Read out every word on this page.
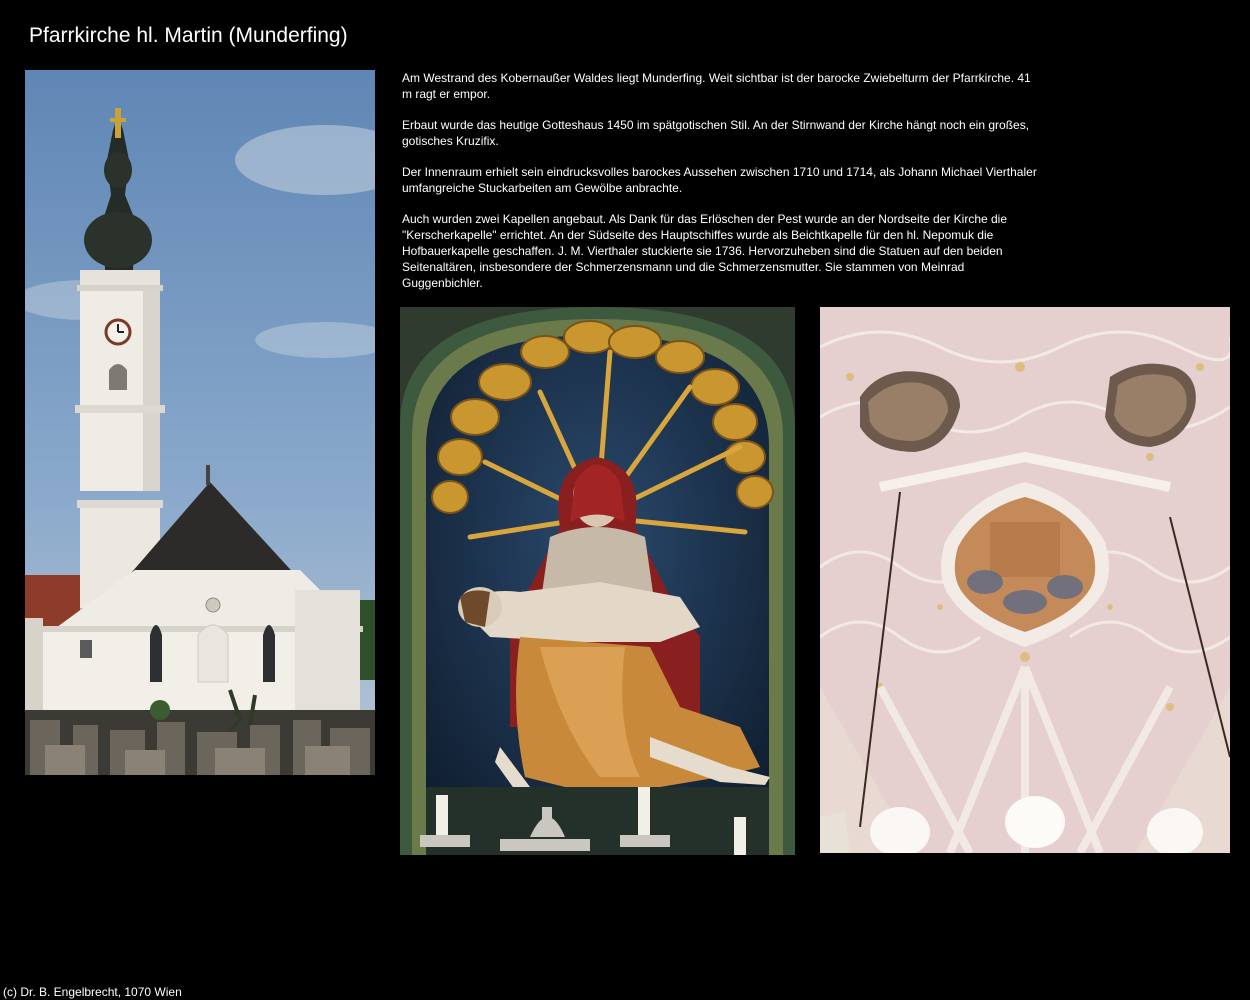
Pfarrkirche hl. Martin (Munderfing)

Am Westrand des Kobernaußer Waldes liegt Munderfing. Weit sichtbar ist der barocke Zwiebelturm der Pfarrkirche. 41 m ragt er empor.

Erbaut wurde das heutige Gotteshaus 1450 im spätgotischen Stil. An der Stirnwand der Kirche hängt noch ein großes, gotisches Kruzifix.

Der Innenraum erhielt sein eindrucksvolles barockes Aussehen zwischen 1710 und 1714, als Johann Michael Vierthaler umfangreiche Stuckarbeiten am Gewölbe anbrachte.

Auch wurden zwei Kapellen angebaut. Als Dank für das Erlöschen der Pest wurde an der Nordseite der Kirche die "Kerscherkapelle" errichtet. An der Südseite des Hauptschiffes wurde als Beichtkapelle für den hl. Nepomuk die Hofbauerkapelle geschaffen. J. M. Vierthaler stuckierte sie 1736. Hervorzuheben sind die Statuen auf den beiden Seitenaltären, insbesondere der Schmerzensmann und die Schmerzensmutter. Sie stammen von Meinrad Guggenbichler.

(c) Dr. B. Engelbrecht, 1070 Wien
